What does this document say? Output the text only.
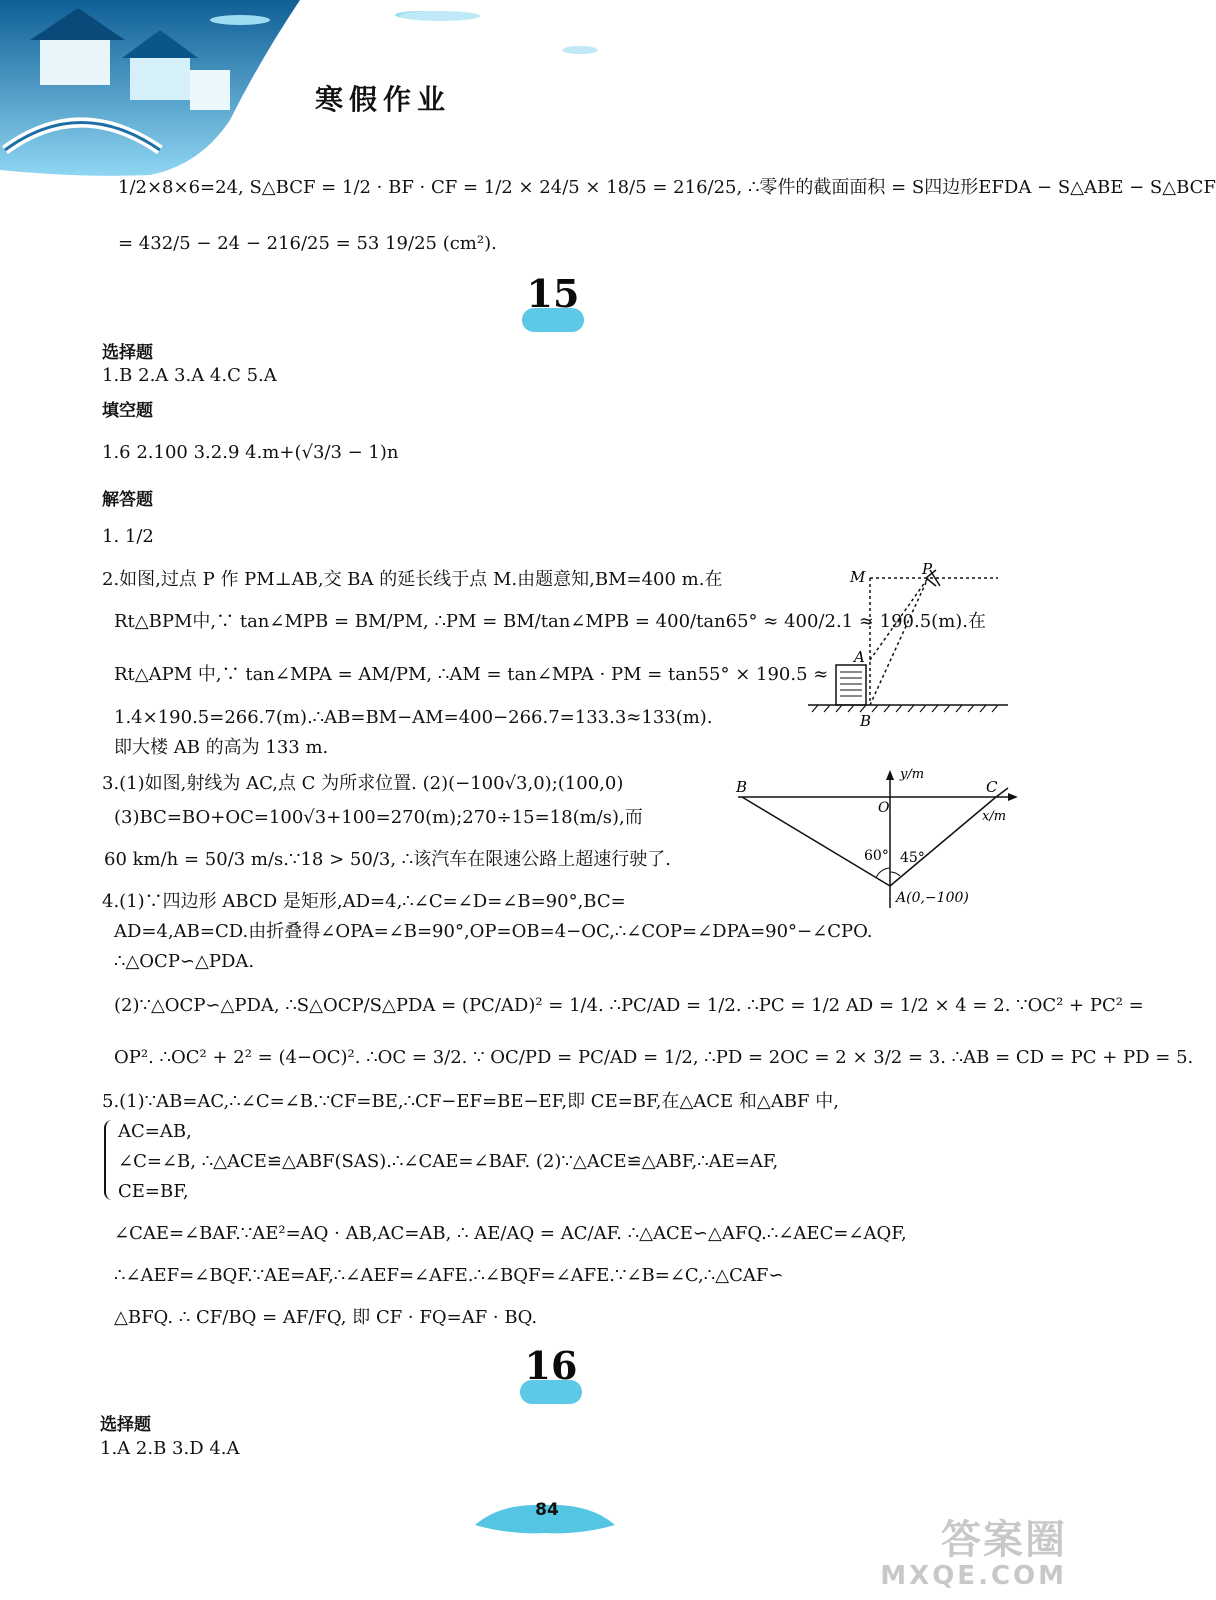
寒假作业
1/2×8×6=24, S△BCF = 1/2 · BF · CF = 1/2 × 24/5 × 18/5 = 216/25, ∴零件的截面面积 = S四边形EFDA − S△ABE − S△BCF
= 432/5 − 24 − 216/25 = 53 19/25 (cm²).
15
选择题
1.B 2.A 3.A 4.C 5.A
填空题
1.6 2.100 3.2.9 4.m+(√3/3 − 1)n
解答题
1. 1/2
2.如图,过点 P 作 PM⊥AB,交 BA 的延长线于点 M.由题意知,BM=400 m.在
Rt△BPM中,∵ tan∠MPB = BM/PM, ∴PM = BM/tan∠MPB = 400/tan65° ≈ 400/2.1 ≈ 190.5(m).在
Rt△APM 中,∵ tan∠MPA = AM/PM, ∴AM = tan∠MPA · PM = tan55° × 190.5 ≈
1.4×190.5=266.7(m).∴AB=BM−AM=400−266.7=133.3≈133(m).
即大楼 AB 的高为 133 m.
M	P
A
B
3.(1)如图,射线为 AC,点 C 为所求位置. (2)(−100√3,0);(100,0)
(3)BC=BO+OC=100√3+100=270(m);270÷15=18(m/s),而
60 km/h = 50/3 m/s.∵18 > 50/3, ∴该汽车在限速公路上超速行驶了.
B	C
O
y/m
x/m
60° 45°
A(0,−100)
4.(1)∵四边形 ABCD 是矩形,AD=4,∴∠C=∠D=∠B=90°,BC=
AD=4,AB=CD.由折叠得∠OPA=∠B=90°,OP=OB=4−OC,∴∠COP=∠DPA=90°−∠CPO.
∴△OCP∽△PDA.
(2)∵△OCP∽△PDA, ∴S△OCP/S△PDA = (PC/AD)² = 1/4. ∴PC/AD = 1/2. ∴PC = 1/2 AD = 1/2 × 4 = 2. ∵OC² + PC² =
OP². ∴OC² + 2² = (4−OC)². ∴OC = 3/2. ∵ OC/PD = PC/AD = 1/2, ∴PD = 2OC = 2 × 3/2 = 3. ∴AB = CD = PC + PD = 5.
5.(1)∵AB=AC,∴∠C=∠B.∵CF=BE,∴CF−EF=BE−EF,即 CE=BF,在△ACE 和△ABF 中,
AC=AB,
∠C=∠B, ∴△ACE≌△ABF(SAS).∴∠CAE=∠BAF. (2)∵△ACE≌△ABF,∴AE=AF,
CE=BF,
∠CAE=∠BAF.∵AE²=AQ · AB,AC=AB, ∴ AE/AQ = AC/AF. ∴△ACE∽△AFQ.∴∠AEC=∠AQF,
∴∠AEF=∠BQF.∵AE=AF,∴∠AEF=∠AFE.∴∠BQF=∠AFE.∵∠B=∠C,∴△CAF∽
△BFQ. ∴ CF/BQ = AF/FQ, 即 CF · FQ=AF · BQ.
16
选择题
1.A 2.B 3.D 4.A
84
答案圈
MXQE.COM
